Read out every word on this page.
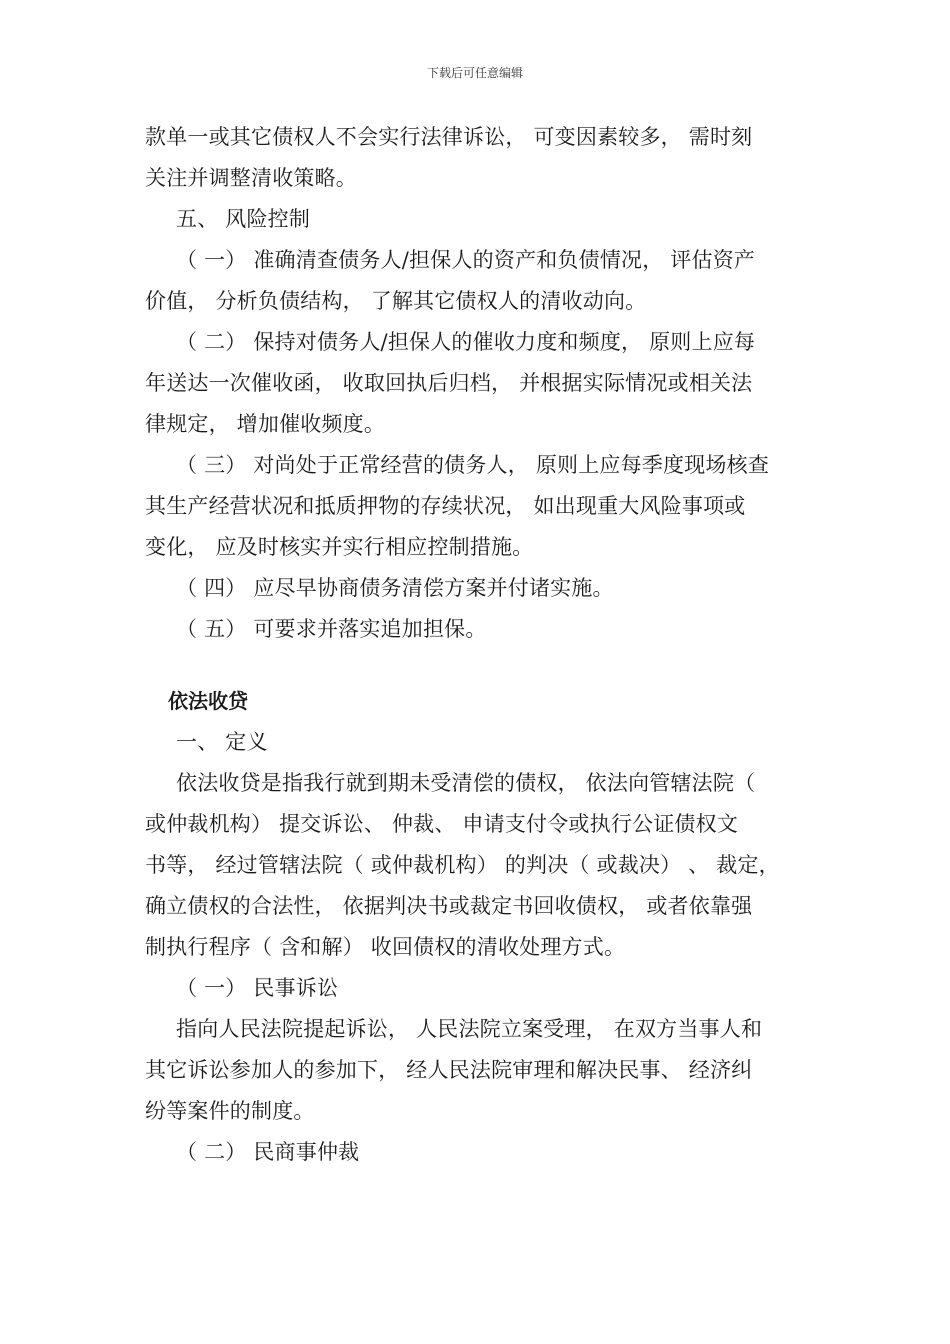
下载后可任意编辑
款单一或其它债权人不会实行法律诉讼， 可变因素较多， 需时刻
关注并调整清收策略。
五、 风险控制
（ 一） 准确清查债务人/担保人的资产和负债情况， 评估资产
价值， 分析负债结构， 了解其它债权人的清收动向。
（ 二） 保持对债务人/担保人的催收力度和频度， 原则上应每
年送达一次催收函， 收取回执后归档， 并根据实际情况或相关法
律规定， 增加催收频度。
（ 三） 对尚处于正常经营的债务人， 原则上应每季度现场核查
其生产经营状况和抵质押物的存续状况， 如出现重大风险事项或
变化， 应及时核实并实行相应控制措施。
（ 四） 应尽早协商债务清偿方案并付诸实施。
（ 五） 可要求并落实追加担保。
依法收贷
一、 定义
依法收贷是指我行就到期未受清偿的债权， 依法向管辖法院（
或仲裁机构） 提交诉讼、 仲裁、 申请支付令或执行公证债权文
书等， 经过管辖法院（ 或仲裁机构） 的判决（ 或裁决） 、 裁定，
确立债权的合法性， 依据判决书或裁定书回收债权， 或者依靠强
制执行程序（ 含和解） 收回债权的清收处理方式。
（ 一） 民事诉讼
指向人民法院提起诉讼， 人民法院立案受理， 在双方当事人和
其它诉讼参加人的参加下， 经人民法院审理和解决民事、 经济纠
纷等案件的制度。
（ 二） 民商事仲裁
